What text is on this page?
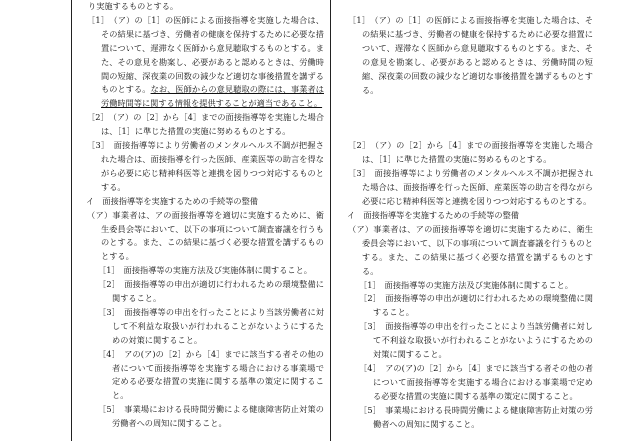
り実施するものとする。

［1］　 （ア）の［1］の医師による面接指導を実施した場合は、その結果に基づき、労働者の健康を保持するために必要な措置について、遅滞なく医師から意見聴取するものとする。また、その意見を勘案し、必要があると認めるときは、労働時間の短縮、深夜業の回数の減少など適切な事後措置を講ずるものとする。なお、医師からの意見聴取の際には、事業者は労働時間等に関する情報を提供することが適当であること。

［2］　 （ア）の［2］から［4］までの面接指導等を実施した場合は、［1］に準じた措置の実施に努めるものとする。

［3］　 面接指導等により労働者のメンタルヘルス不調が把握された場合は、面接指導を行った医師、産業医等の助言を得ながら必要に応じ精神科医等と連携を図りつつ対応するものとする。

イ　面接指導等を実施するための手続等の整備

（ア）事業者は、アの面接指導等を適切に実施するために、衛生委員会等において、以下の事項について調査審議を行うものとする。また、この結果に基づく必要な措置を講ずるものとする。

［1］　面接指導等の実施方法及び実施体制に関すること。

［2］　面接指導等の申出が適切に行われるための環境整備に関すること。

［3］　面接指導等の申出を行ったことにより当該労働者に対して不利益な取扱いが行われることがないようにするための対策に関すること。

［4］　アの(ア)の［2］から［4］までに該当する者その他の者について面接指導等を実施する場合における事業場で定める必要な措置の実施に関する基準の策定に関すること。

［5］　事業場における長時間労働による健康障害防止対策の労働者への周知に関すること。

［1］　 （ア）の［1］の医師による面接指導を実施した場合は、その結果に基づき、労働者の健康を保持するために必要な措置について、遅滞なく医師から意見聴取するものとする。また、その意見を勘案し、必要があると認めるときは、労働時間の短縮、深夜業の回数の減少など適切な事後措置を講ずるものとする。

［2］　 （ア）の［2］から［4］までの面接指導等を実施した場合は、［1］に準じた措置の実施に努めるものとする。

［3］　 面接指導等により労働者のメンタルヘルス不調が把握された場合は、面接指導を行った医師、産業医等の助言を得ながら必要に応じ精神科医等と連携を図りつつ対応するものとする。

イ　面接指導等を実施するための手続等の整備

（ア）事業者は、アの面接指導等を適切に実施するために、衛生委員会等において、以下の事項について調査審議を行うものとする。また、この結果に基づく必要な措置を講ずるものとする。

［1］　面接指導等の実施方法及び実施体制に関すること。

［2］　面接指導等の申出が適切に行われるための環境整備に関すること。

［3］　面接指導等の申出を行ったことにより当該労働者に対して不利益な取扱いが行われることがないようにするための対策に関すること。

［4］　アの(ア)の［2］から［4］までに該当する者その他の者について面接指導等を実施する場合における事業場で定める必要な措置の実施に関する基準の策定に関すること。

［5］　事業場における長時間労働による健康障害防止対策の労働者への周知に関すること。
